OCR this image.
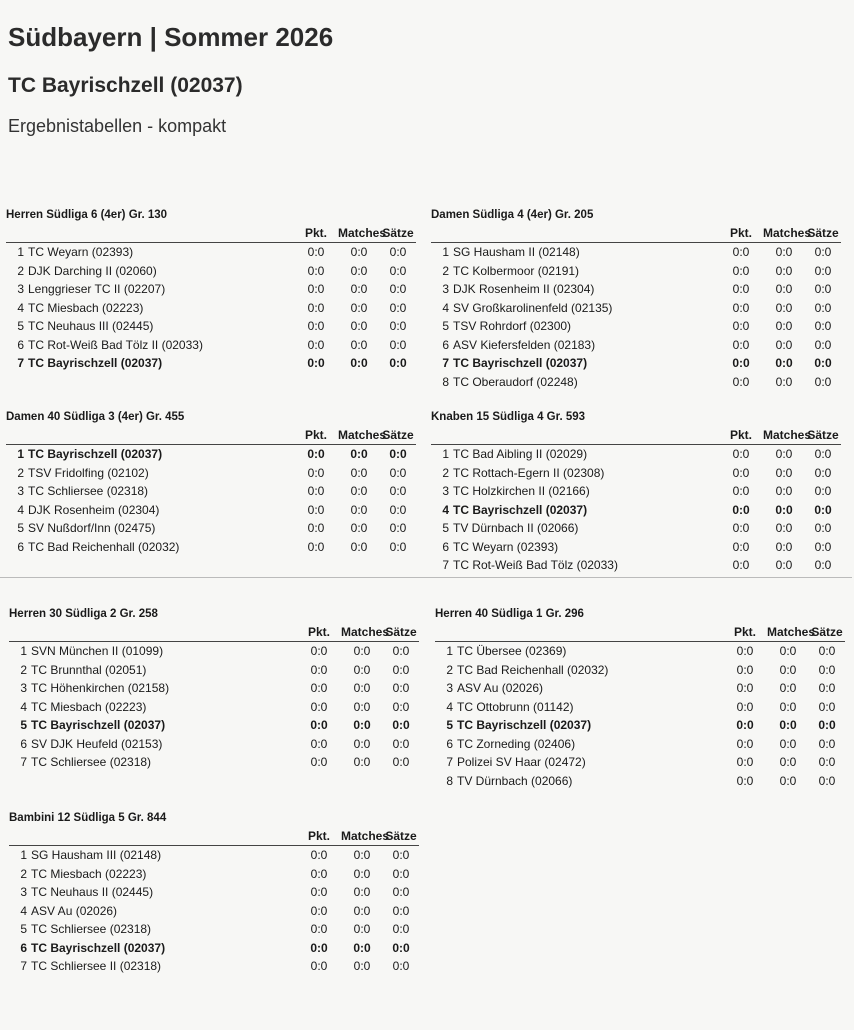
Südbayern | Sommer 2026
TC Bayrischzell (02037)
Ergebnistabellen - kompakt
Herren Südliga 6 (4er) Gr. 130
		Pkt.	Matches	Sätze
1	TC Weyarn (02393)	0:0	0:0	0:0
2	DJK Darching II (02060)	0:0	0:0	0:0
3	Lenggrieser TC II (02207)	0:0	0:0	0:0
4	TC Miesbach (02223)	0:0	0:0	0:0
5	TC Neuhaus III (02445)	0:0	0:0	0:0
6	TC Rot-Weiß Bad Tölz II (02033)	0:0	0:0	0:0
7	TC Bayrischzell (02037)	0:0	0:0	0:0
Damen Südliga 4 (4er) Gr. 205
		Pkt.	Matches	Sätze
1	SG Hausham II (02148)	0:0	0:0	0:0
2	TC Kolbermoor (02191)	0:0	0:0	0:0
3	DJK Rosenheim II (02304)	0:0	0:0	0:0
4	SV Großkarolinenfeld (02135)	0:0	0:0	0:0
5	TSV Rohrdorf (02300)	0:0	0:0	0:0
6	ASV Kiefersfelden (02183)	0:0	0:0	0:0
7	TC Bayrischzell (02037)	0:0	0:0	0:0
8	TC Oberaudorf (02248)	0:0	0:0	0:0
Damen 40 Südliga 3 (4er) Gr. 455
		Pkt.	Matches	Sätze
1	TC Bayrischzell (02037)	0:0	0:0	0:0
2	TSV Fridolfing (02102)	0:0	0:0	0:0
3	TC Schliersee (02318)	0:0	0:0	0:0
4	DJK Rosenheim (02304)	0:0	0:0	0:0
5	SV Nußdorf/Inn (02475)	0:0	0:0	0:0
6	TC Bad Reichenhall (02032)	0:0	0:0	0:0
Knaben 15 Südliga 4 Gr. 593
		Pkt.	Matches	Sätze
1	TC Bad Aibling II (02029)	0:0	0:0	0:0
2	TC Rottach-Egern II (02308)	0:0	0:0	0:0
3	TC Holzkirchen II (02166)	0:0	0:0	0:0
4	TC Bayrischzell (02037)	0:0	0:0	0:0
5	TV Dürnbach II (02066)	0:0	0:0	0:0
6	TC Weyarn (02393)	0:0	0:0	0:0
7	TC Rot-Weiß Bad Tölz (02033)	0:0	0:0	0:0
Herren 30 Südliga 2 Gr. 258
		Pkt.	Matches	Sätze
1	SVN München II (01099)	0:0	0:0	0:0
2	TC Brunnthal (02051)	0:0	0:0	0:0
3	TC Höhenkirchen (02158)	0:0	0:0	0:0
4	TC Miesbach (02223)	0:0	0:0	0:0
5	TC Bayrischzell (02037)	0:0	0:0	0:0
6	SV DJK Heufeld (02153)	0:0	0:0	0:0
7	TC Schliersee (02318)	0:0	0:0	0:0
Herren 40 Südliga 1 Gr. 296
		Pkt.	Matches	Sätze
1	TC Übersee (02369)	0:0	0:0	0:0
2	TC Bad Reichenhall (02032)	0:0	0:0	0:0
3	ASV Au (02026)	0:0	0:0	0:0
4	TC Ottobrunn (01142)	0:0	0:0	0:0
5	TC Bayrischzell (02037)	0:0	0:0	0:0
6	TC Zorneding (02406)	0:0	0:0	0:0
7	Polizei SV Haar (02472)	0:0	0:0	0:0
8	TV Dürnbach (02066)	0:0	0:0	0:0
Bambini 12 Südliga 5 Gr. 844
		Pkt.	Matches	Sätze
1	SG Hausham III (02148)	0:0	0:0	0:0
2	TC Miesbach (02223)	0:0	0:0	0:0
3	TC Neuhaus II (02445)	0:0	0:0	0:0
4	ASV Au (02026)	0:0	0:0	0:0
5	TC Schliersee (02318)	0:0	0:0	0:0
6	TC Bayrischzell (02037)	0:0	0:0	0:0
7	TC Schliersee II (02318)	0:0	0:0	0:0
